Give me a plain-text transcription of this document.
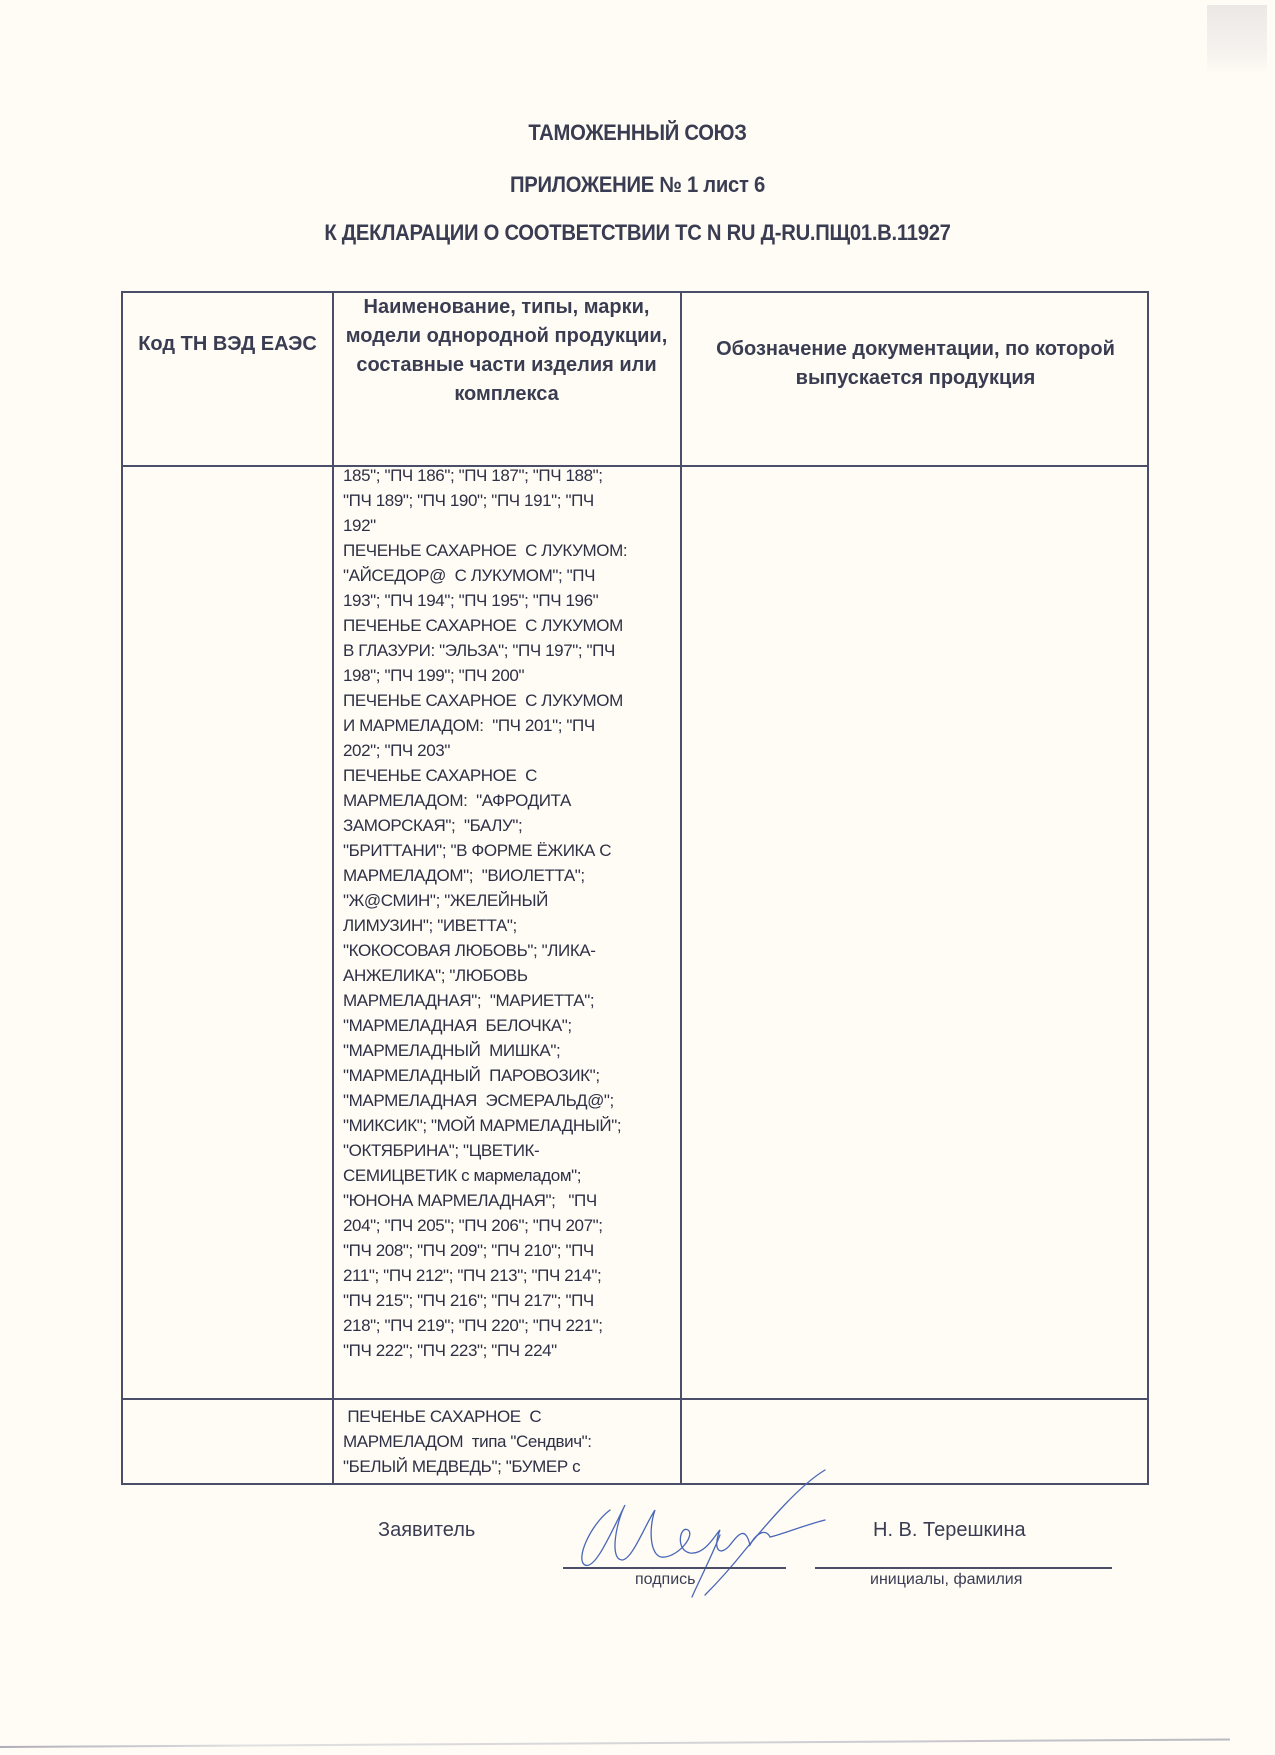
ТАМОЖЕННЫЙ СОЮЗ
ПРИЛОЖЕНИЕ № 1 лист 6
К ДЕКЛАРАЦИИ О СООТВЕТСТВИИ ТС N RU Д-RU.ПЩ01.В.11927
Код ТН ВЭД ЕАЭС
Наименование, типы, марки, модели однородной продукции, составные части изделия или комплекса
Обозначение документации, по которой выпускается продукция
185"; "ПЧ 186"; "ПЧ 187"; "ПЧ 188";
"ПЧ 189"; "ПЧ 190"; "ПЧ 191"; "ПЧ
192"
ПЕЧЕНЬЕ САХАРНОЕ  С ЛУКУМОМ:
"АЙСЕДОР@  С ЛУКУМОМ"; "ПЧ
193"; "ПЧ 194"; "ПЧ 195"; "ПЧ 196"
ПЕЧЕНЬЕ САХАРНОЕ  С ЛУКУМОМ
В ГЛАЗУРИ: "ЭЛЬЗА"; "ПЧ 197"; "ПЧ
198"; "ПЧ 199"; "ПЧ 200"
ПЕЧЕНЬЕ САХАРНОЕ  С ЛУКУМОМ
И МАРМЕЛАДОМ:  "ПЧ 201"; "ПЧ
202"; "ПЧ 203"
ПЕЧЕНЬЕ САХАРНОЕ  С
МАРМЕЛАДОМ:  "АФРОДИТА
ЗАМОРСКАЯ";  "БАЛУ";
"БРИТТАНИ"; "В ФОРМЕ ЁЖИКА С
МАРМЕЛАДОМ";  "ВИОЛЕТТА";
"Ж@СМИН"; "ЖЕЛЕЙНЫЙ
ЛИМУЗИН"; "ИВЕТТА";
"КОКОСОВАЯ ЛЮБОВЬ"; "ЛИКА-
АНЖЕЛИКА"; "ЛЮБОВЬ
МАРМЕЛАДНАЯ";  "МАРИЕТТА";
"МАРМЕЛАДНАЯ  БЕЛОЧКА";
"МАРМЕЛАДНЫЙ  МИШКА";
"МАРМЕЛАДНЫЙ  ПАРОВОЗИК";
"МАРМЕЛАДНАЯ  ЭСМЕРАЛЬД@";
"МИКСИК"; "МОЙ МАРМЕЛАДНЫЙ";
"ОКТЯБРИНА"; "ЦВЕТИК-
СЕМИЦВЕТИК с мармеладом";
"ЮНОНА МАРМЕЛАДНАЯ";   "ПЧ
204"; "ПЧ 205"; "ПЧ 206"; "ПЧ 207";
"ПЧ 208"; "ПЧ 209"; "ПЧ 210"; "ПЧ
211"; "ПЧ 212"; "ПЧ 213"; "ПЧ 214";
"ПЧ 215"; "ПЧ 216"; "ПЧ 217"; "ПЧ
218"; "ПЧ 219"; "ПЧ 220"; "ПЧ 221";
"ПЧ 222"; "ПЧ 223"; "ПЧ 224"
ПЕЧЕНЬЕ САХАРНОЕ  С
МАРМЕЛАДОМ  типа "Сендвич":
"БЕЛЫЙ МЕДВЕДЬ"; "БУМЕР с
Заявитель	Н. В. Терешкина
подпись	инициалы, фамилия
